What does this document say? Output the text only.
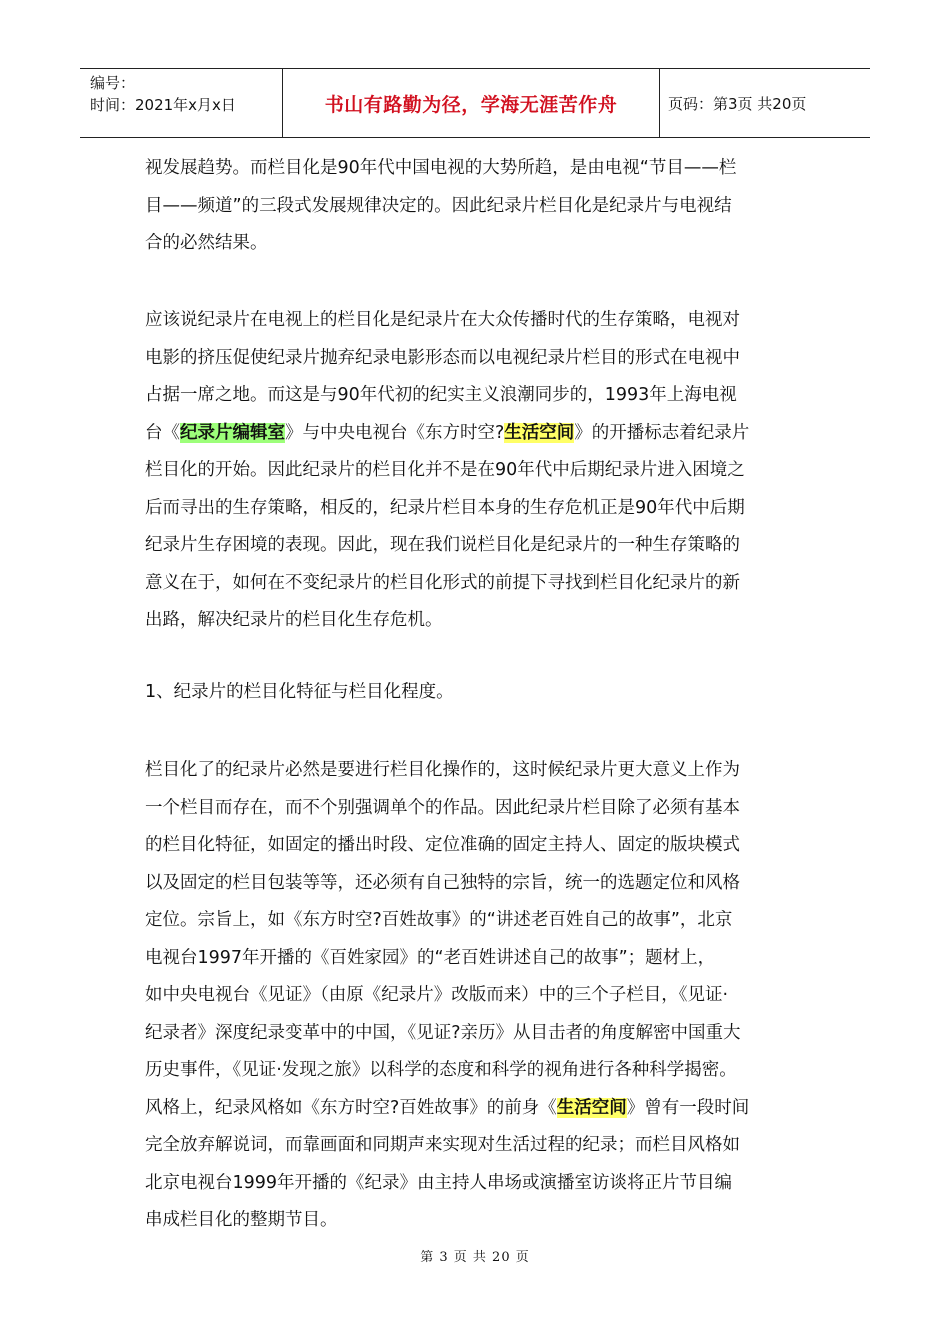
编号：
时间：2021年x月x日	书山有路勤为径，学海无涯苦作舟	页码：第3页 共20页

视发展趋势。而栏目化是90年代中国电视的大势所趋，是由电视“节目——栏

目——频道”的三段式发展规律决定的。因此纪录片栏目化是纪录片与电视结

合的必然结果。

应该说纪录片在电视上的栏目化是纪录片在大众传播时代的生存策略，电视对

电影的挤压促使纪录片抛弃纪录电影形态而以电视纪录片栏目的形式在电视中

占据一席之地。而这是与90年代初的纪实主义浪潮同步的，1993年上海电视

台《纪录片编辑室》与中央电视台《东方时空?生活空间》的开播标志着纪录片

栏目化的开始。因此纪录片的栏目化并不是在90年代中后期纪录片进入困境之

后而寻出的生存策略，相反的，纪录片栏目本身的生存危机正是90年代中后期

纪录片生存困境的表现。因此，现在我们说栏目化是纪录片的一种生存策略的

意义在于，如何在不变纪录片的栏目化形式的前提下寻找到栏目化纪录片的新

出路，解决纪录片的栏目化生存危机。

1、纪录片的栏目化特征与栏目化程度。

栏目化了的纪录片必然是要进行栏目化操作的，这时候纪录片更大意义上作为

一个栏目而存在，而不个别强调单个的作品。因此纪录片栏目除了必须有基本

的栏目化特征，如固定的播出时段、定位准确的固定主持人、固定的版块模式

以及固定的栏目包装等等，还必须有自己独特的宗旨，统一的选题定位和风格

定位。宗旨上，如《东方时空?百姓故事》的“讲述老百姓自己的故事”，北京

电视台1997年开播的《百姓家园》的“老百姓讲述自己的故事”；题材上，

如中央电视台《见证》（由原《纪录片》改版而来）中的三个子栏目，《见证·

纪录者》深度纪录变革中的中国，《见证?亲历》从目击者的角度解密中国重大

历史事件，《见证·发现之旅》以科学的态度和科学的视角进行各种科学揭密。

风格上，纪录风格如《东方时空?百姓故事》的前身《生活空间》曾有一段时间

完全放弃解说词，而靠画面和同期声来实现对生活过程的纪录；而栏目风格如

北京电视台1999年开播的《纪录》由主持人串场或演播室访谈将正片节目编

串成栏目化的整期节目。

第 3 页 共 20 页
